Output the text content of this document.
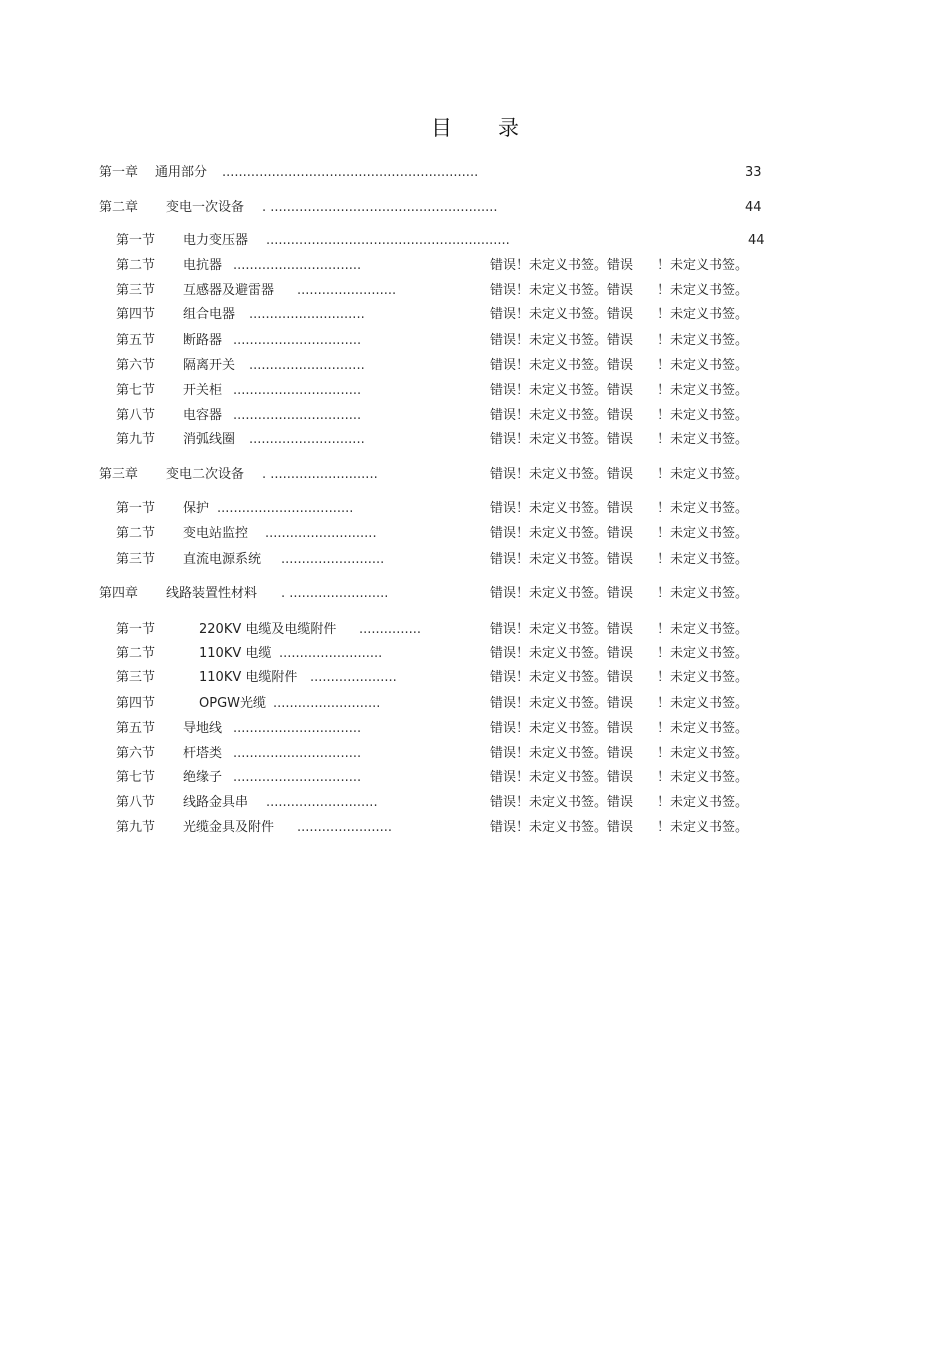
目 录
第一章 通用部分 ..............................................................	33
第二章 变电一次设备 . .......................................................	44
第一节 电力变压器 ...........................................................	44
第二节 电抗器 ...............................	错误！未定义书签。错误 ！未定义书签。
第三节 互感器及避雷器 ........................	错误！未定义书签。错误 ！未定义书签。
第四节 组合电器 ............................	错误！未定义书签。错误 ！未定义书签。
第五节 断路器 ...............................	错误！未定义书签。错误 ！未定义书签。
第六节 隔离开关 ............................	错误！未定义书签。错误 ！未定义书签。
第七节 开关柜 ...............................	错误！未定义书签。错误 ！未定义书签。
第八节 电容器 ...............................	错误！未定义书签。错误 ！未定义书签。
第九节 消弧线圈 ............................	错误！未定义书签。错误 ！未定义书签。
第三章 变电二次设备 . ..........................	错误！未定义书签。错误 ！未定义书签。
第一节 保护 .................................	错误！未定义书签。错误 ！未定义书签。
第二节 变电站监控 ...........................	错误！未定义书签。错误 ！未定义书签。
第三节 直流电源系统 .........................	错误！未定义书签。错误 ！未定义书签。
第四章 线路装置性材料 . ........................	错误！未定义书签。错误 ！未定义书签。
第一节	220KV 电缆及电缆附件 ...............	错误！未定义书签。错误 ！未定义书签。
第二节	110KV 电缆 .........................	错误！未定义书签。错误 ！未定义书签。
第三节	110KV 电缆附件 .....................	错误！未定义书签。错误 ！未定义书签。
第四节	OPGW光缆 ..........................	错误！未定义书签。错误 ！未定义书签。
第五节 导地线 ...............................	错误！未定义书签。错误 ！未定义书签。
第六节 杆塔类 ...............................	错误！未定义书签。错误 ！未定义书签。
第七节 绝缘子 ...............................	错误！未定义书签。错误 ！未定义书签。
第八节 线路金具串 ...........................	错误！未定义书签。错误 ！未定义书签。
第九节 光缆金具及附件 .......................	错误！未定义书签。错误 ！未定义书签。
